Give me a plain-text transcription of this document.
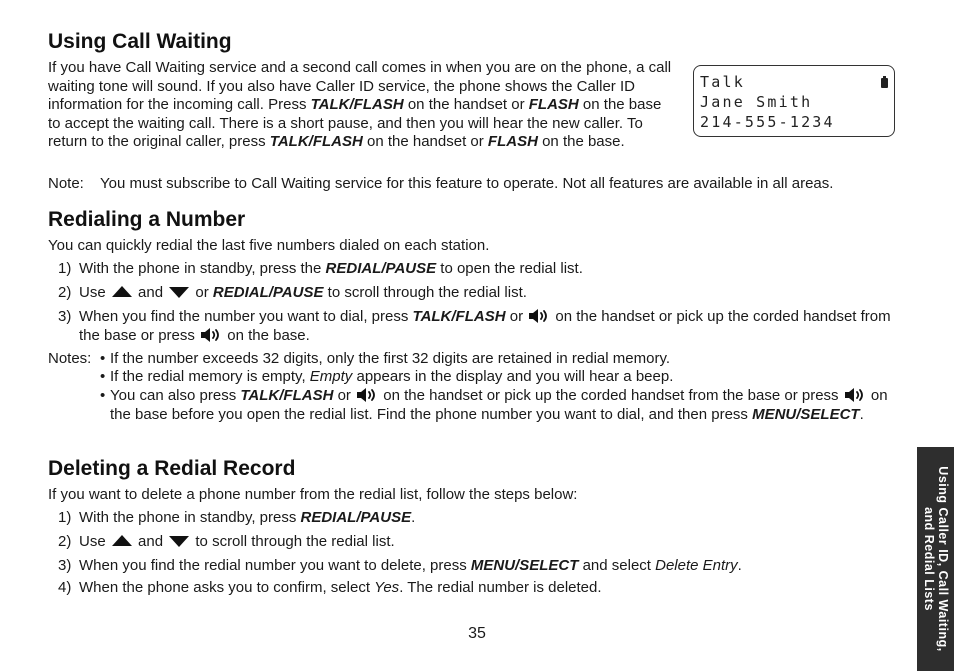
Using Call Waiting

If you have Call Waiting service and a second call comes in when you are on the phone, a call waiting tone will sound. If you also have Caller ID service, the phone shows the Caller ID information for the incoming call. Press TALK/FLASH on the handset or FLASH on the base to accept the waiting call. There is a short pause, and then you will hear the new caller. To return to the original caller, press TALK/FLASH on the handset or FLASH on the base.

Talk
Jane Smith
214-555-1234

Note: You must subscribe to Call Waiting service for this feature to operate. Not all features are available in all areas.

Redialing a Number

You can quickly redial the last five numbers dialed on each station.

1) With the phone in standby, press the REDIAL/PAUSE to open the redial list.
2) Use  and  or REDIAL/PAUSE to scroll through the redial list.
3) When you find the number you want to dial, press TALK/FLASH or  on the handset or pick up the corded handset from the base or press  on the base.
Notes: • If the number exceeds 32 digits, only the first 32 digits are retained in redial memory.
• If the redial memory is empty, Empty appears in the display and you will hear a beep.
• You can also press TALK/FLASH or  on the handset or pick up the corded handset from the base or press  on the base before you open the redial list. Find the phone number you want to dial, and then press MENU/SELECT.
Deleting a Redial Record

If you want to delete a phone number from the redial list, follow the steps below:

1) With the phone in standby, press REDIAL/PAUSE.
2) Use  and  to scroll through the redial list.
3) When you find the redial number you want to delete, press MENU/SELECT and select Delete Entry.
4) When the phone asks you to confirm, select Yes. The redial number is deleted.	Using Caller ID, Call Waiting, and Redial Lists
35
